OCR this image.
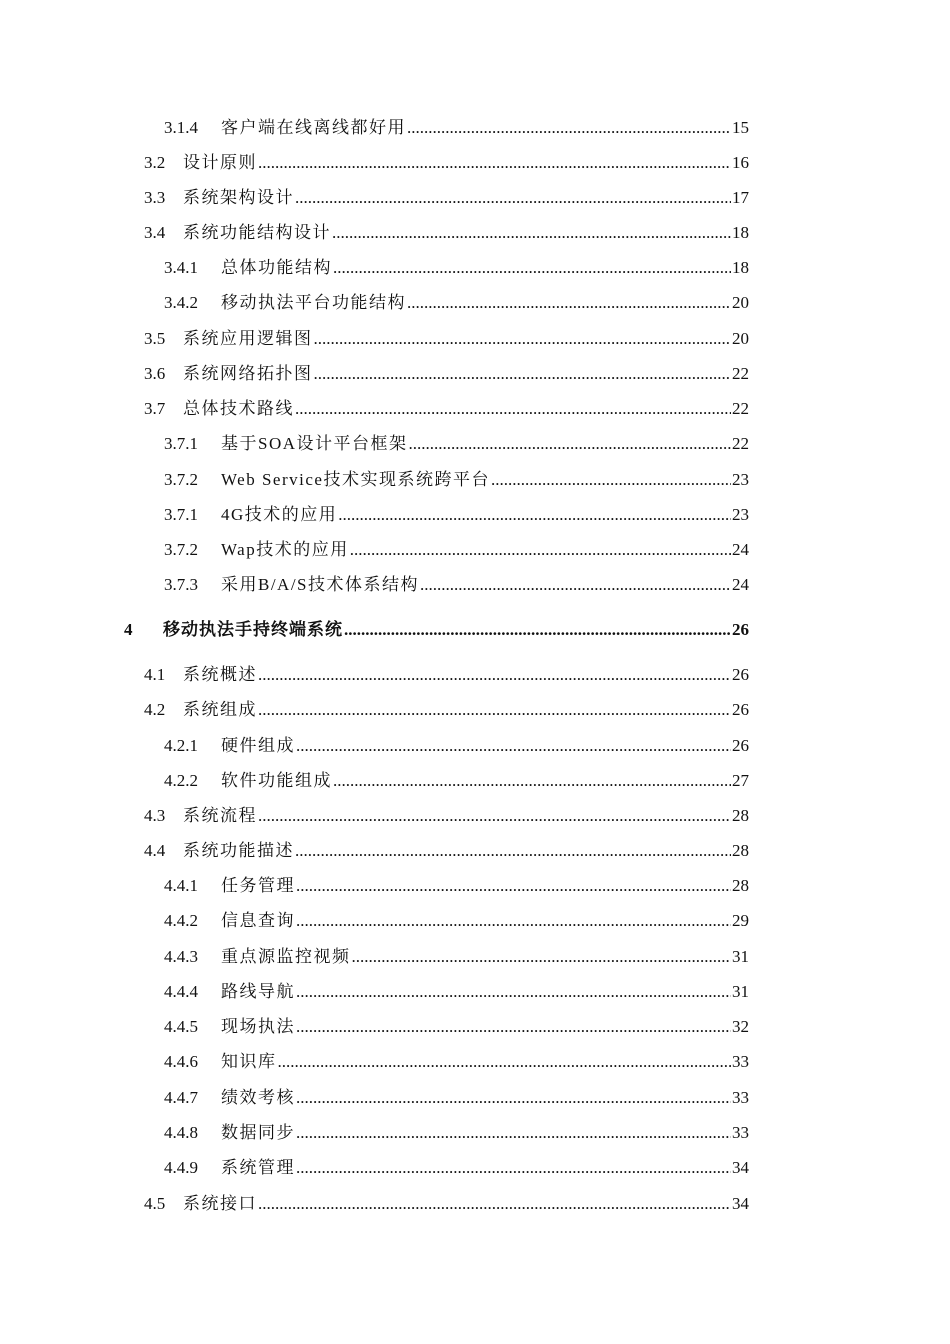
3.1.4	客户端在线离线都好用 .....	15
3.2	设计原则 .....	16
3.3	系统架构设计 .....	17
3.4	系统功能结构设计 .....	18
3.4.1	总体功能结构 .....	18
3.4.2	移动执法平台功能结构 .....	20
3.5	系统应用逻辑图 .....	20
3.6	系统网络拓扑图 .....	22
3.7	总体技术路线 .....	22
3.7.1	基于SOA设计平台框架 .....	22
3.7.2	Web Service技术实现系统跨平台 .....	23
3.7.1	4G技术的应用 .....	23
3.7.2	Wap技术的应用 .....	24
3.7.3	采用B/A/S技术体系结构 .....	24
4	移动执法手持终端系统 .....	26
4.1	系统概述 .....	26
4.2	系统组成 .....	26
4.2.1	硬件组成 .....	26
4.2.2	软件功能组成 .....	27
4.3	系统流程 .....	28
4.4	系统功能描述 .....	28
4.4.1	任务管理 .....	28
4.4.2	信息查询 .....	29
4.4.3	重点源监控视频 .....	31
4.4.4	路线导航 .....	31
4.4.5	现场执法 .....	32
4.4.6	知识库 .....	33
4.4.7	绩效考核 .....	33
4.4.8	数据同步 .....	33
4.4.9	系统管理 .....	34
4.5	系统接口 .....	34
